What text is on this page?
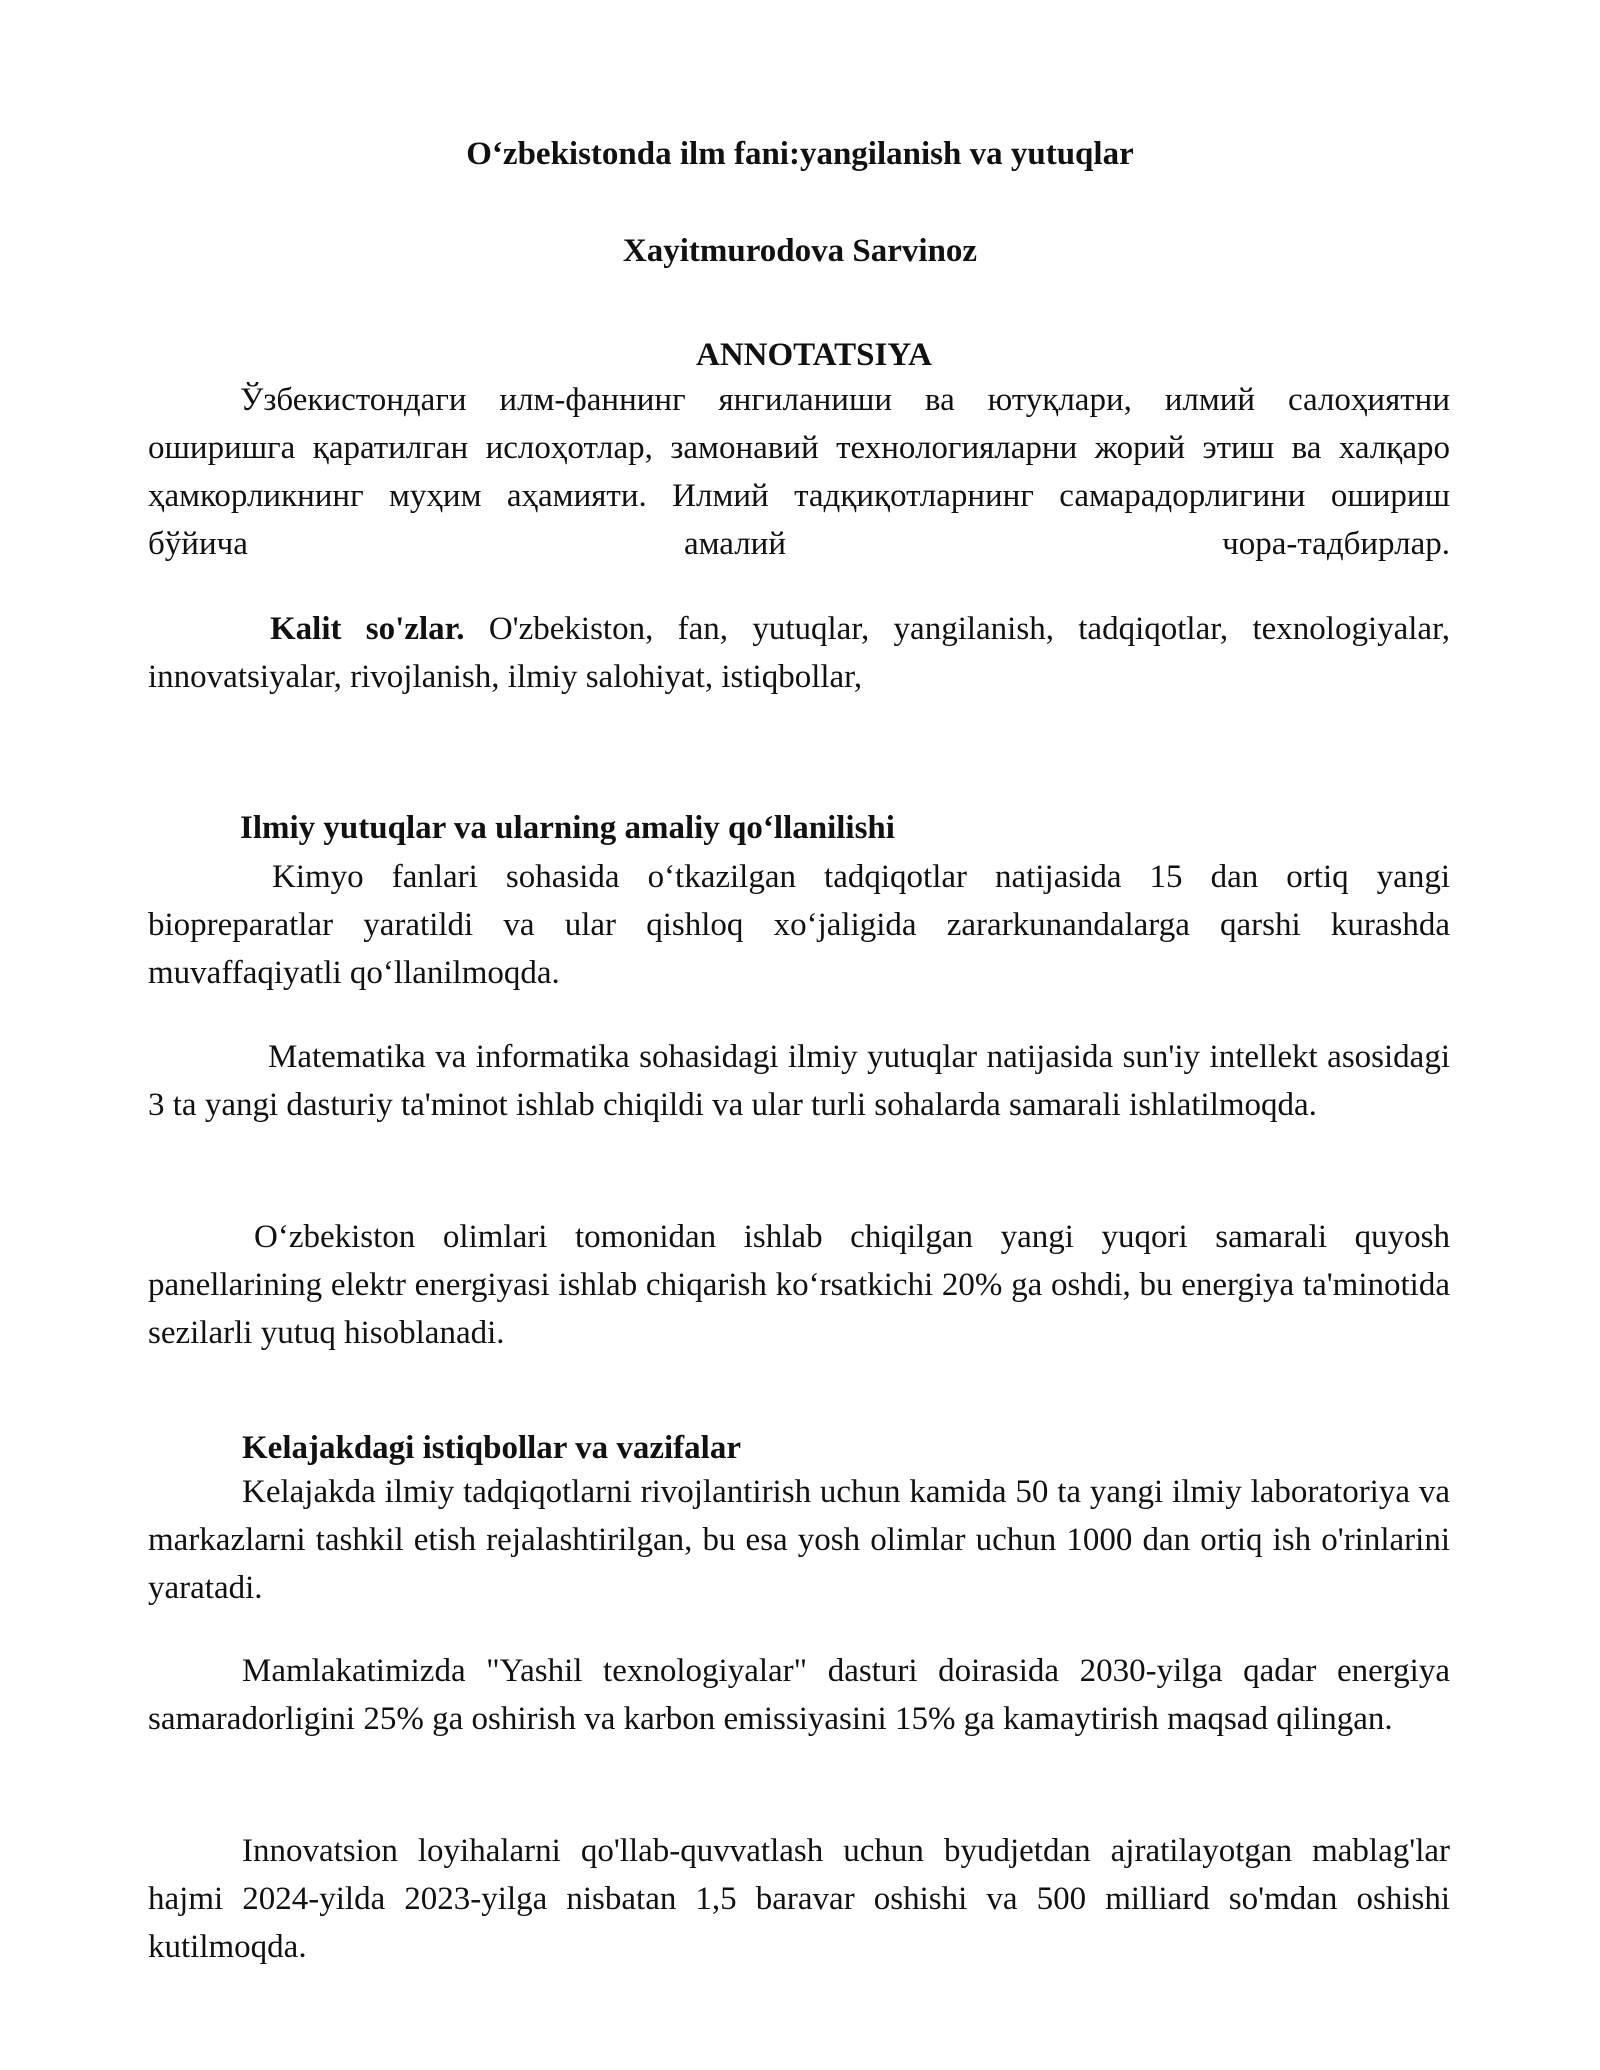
O‘zbekistonda ilm fani:yangilanish va yutuqlar
Xayitmurodova Sarvinoz
ANNOTATSIYA

Ўзбекистондаги илм-фаннинг янгиланиши ва ютуқлари, илмий салоҳиятни оширишга қаратилган ислоҳотлар, замонавий технологияларни жорий этиш ва халқаро ҳамкорликнинг муҳим аҳамияти. Илмий тадқиқотларнинг самарадорлигини ошириш бўйича амалий чора-тадбирлар.

Kalit so'zlar. O'zbekiston, fan, yutuqlar, yangilanish, tadqiqotlar, texnologiyalar, innovatsiyalar, rivojlanish, ilmiy salohiyat, istiqbollar,

Ilmiy yutuqlar va ularning amaliy qo‘llanilishi

Kimyo fanlari sohasida o‘tkazilgan tadqiqotlar natijasida 15 dan ortiq yangi biopreparatlar yaratildi va ular qishloq xo‘jaligida zararkunandalarga qarshi kurashda muvaffaqiyatli qo‘llanilmoqda.

Matematika va informatika sohasidagi ilmiy yutuqlar natijasida sun'iy intellekt asosidagi 3 ta yangi dasturiy ta'minot ishlab chiqildi va ular turli sohalarda samarali ishlatilmoqda.

O‘zbekiston olimlari tomonidan ishlab chiqilgan yangi yuqori samarali quyosh panellarining elektr energiyasi ishlab chiqarish ko‘rsatkichi 20% ga oshdi, bu energiya ta'minotida sezilarli yutuq hisoblanadi.

Kelajakdagi istiqbollar va vazifalar

Kelajakda ilmiy tadqiqotlarni rivojlantirish uchun kamida 50 ta yangi ilmiy laboratoriya va markazlarni tashkil etish rejalashtirilgan, bu esa yosh olimlar uchun 1000 dan ortiq ish o'rinlarini yaratadi.

Mamlakatimizda "Yashil texnologiyalar" dasturi doirasida 2030-yilga qadar energiya samaradorligini 25% ga oshirish va karbon emissiyasini 15% ga kamaytirish maqsad qilingan.

Innovatsion loyihalarni qo'llab-quvvatlash uchun byudjetdan ajratilayotgan mablag'lar hajmi 2024-yilda 2023-yilga nisbatan 1,5 baravar oshishi va 500 milliard so'mdan oshishi kutilmoqda.
